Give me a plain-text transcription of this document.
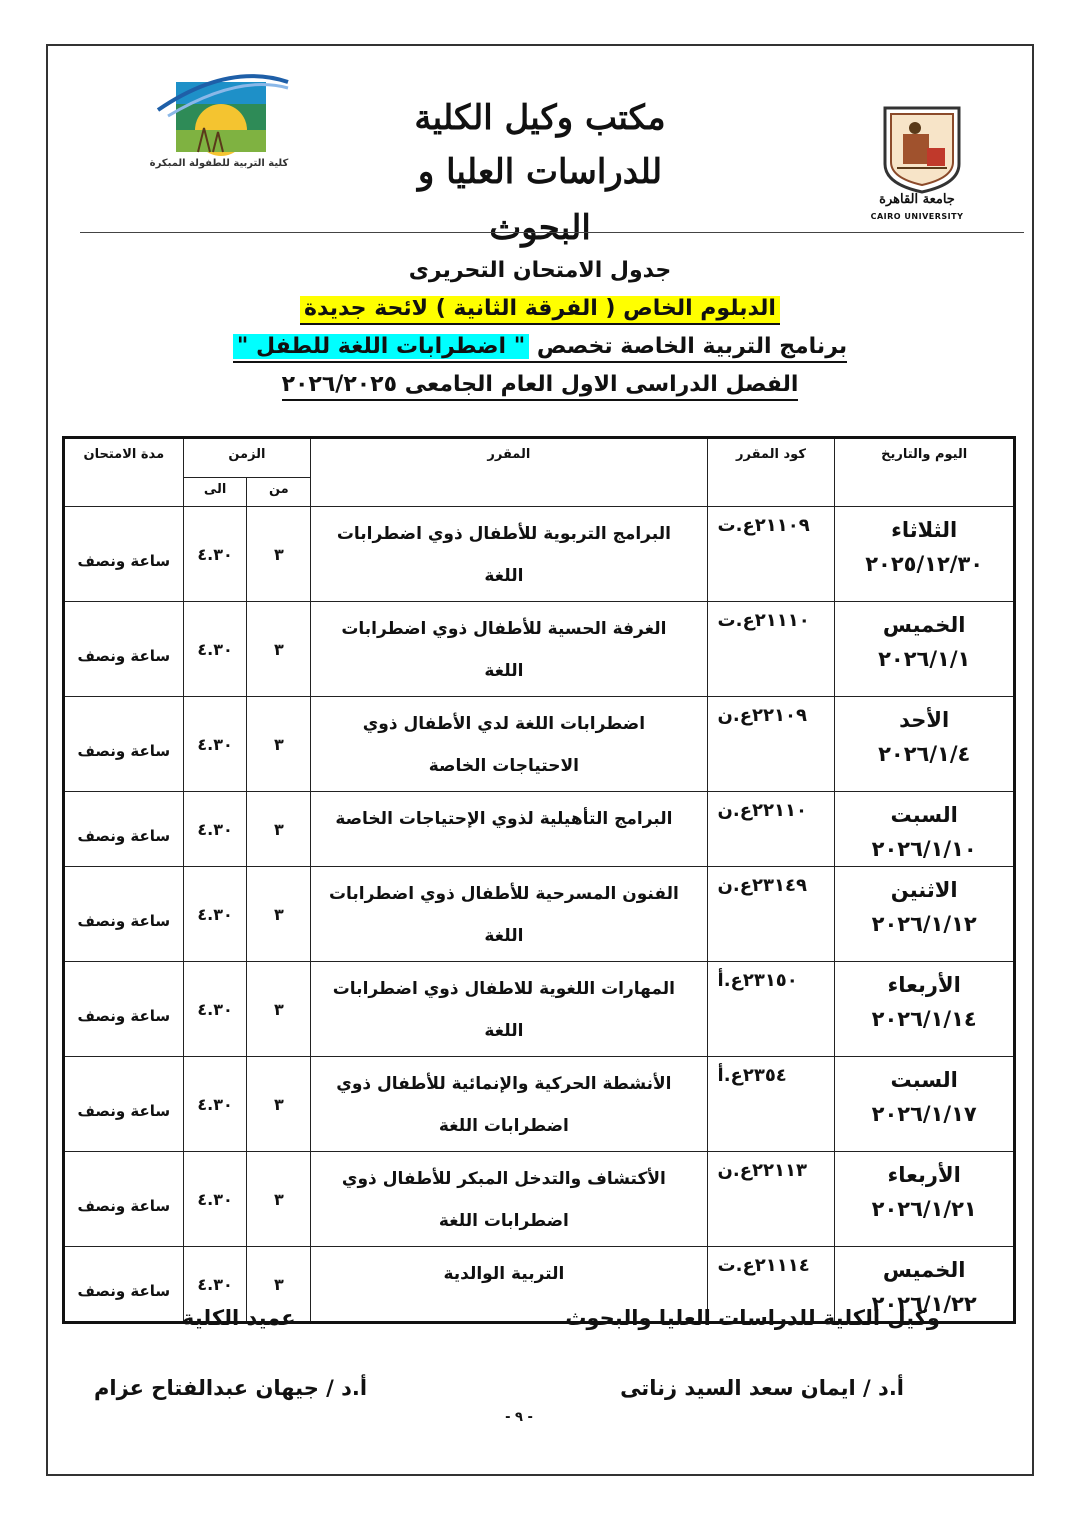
كلية التربية للطفولة المبكرة
مكتب وكيل الكلية
للدراسات العليا و البحوث
جامعة القاهرة
CAIRO UNIVERSITY
جدول الامتحان التحريرى
الدبلوم الخاص ( الفرقة الثانية ) لائحة جديدة
برنامج التربية الخاصة تخصص " اضطرابات اللغة للطفل "
الفصل الدراسى الاول العام الجامعى ٢٠٢٦/٢٠٢٥
اليوم والتاريخ	كود المقرر	المقرر	الزمن		مدة الامتحان
			من	الى	

الثلاثاء
٢٠٢٥/١٢/٣٠	٢١١٠٩ع.ت	البرامج التربوية للأطفال ذوي اضطرابات اللغة	٣	٤.٣٠	ساعة ونصف

الخميس
٢٠٢٦/١/١	٢١١١٠ع.ت	الغرفة الحسية للأطفال ذوي اضطرابات اللغة	٣	٤.٣٠	ساعة ونصف

الأحد
٢٠٢٦/١/٤	٢٢١٠٩ع.ن	اضطرابات اللغة لدي الأطفال ذوي الاحتياجات الخاصة	٣	٤.٣٠	ساعة ونصف

السبت
٢٠٢٦/١/١٠	٢٢١١٠ع.ن	البرامج التأهيلية لذوي الإحتياجات الخاصة	٣	٤.٣٠	ساعة ونصف

الاثنين
٢٠٢٦/١/١٢	٢٣١٤٩ع.ن	الفنون المسرحية للأطفال ذوي اضطرابات اللغة	٣	٤.٣٠	ساعة ونصف

الأربعاء
٢٠٢٦/١/١٤	٢٣١٥٠ع.أ	المهارات اللغوية للاطفال ذوي اضطرابات اللغة	٣	٤.٣٠	ساعة ونصف

السبت
٢٠٢٦/١/١٧	٢٣٥٤ع.أ	الأنشطة الحركية والإنمائية للأطفال ذوي اضطرابات اللغة	٣	٤.٣٠	ساعة ونصف

الأربعاء
٢٠٢٦/١/٢١	٢٢١١٣ع.ن	الأكتشاف والتدخل المبكر للأطفال ذوي اضطرابات اللغة	٣	٤.٣٠	ساعة ونصف

الخميس
٢٠٢٦/١/٢٢	٢١١١٤ع.ت	التربية الوالدية	٣	٤.٣٠	ساعة ونصف
وكيل الكلية للدراسات العليا والبحوث
أ.د / ايمان سعد السيد زناتى
عميد الكلية
أ.د / جيهان عبدالفتاح عزام
- ٩ -
